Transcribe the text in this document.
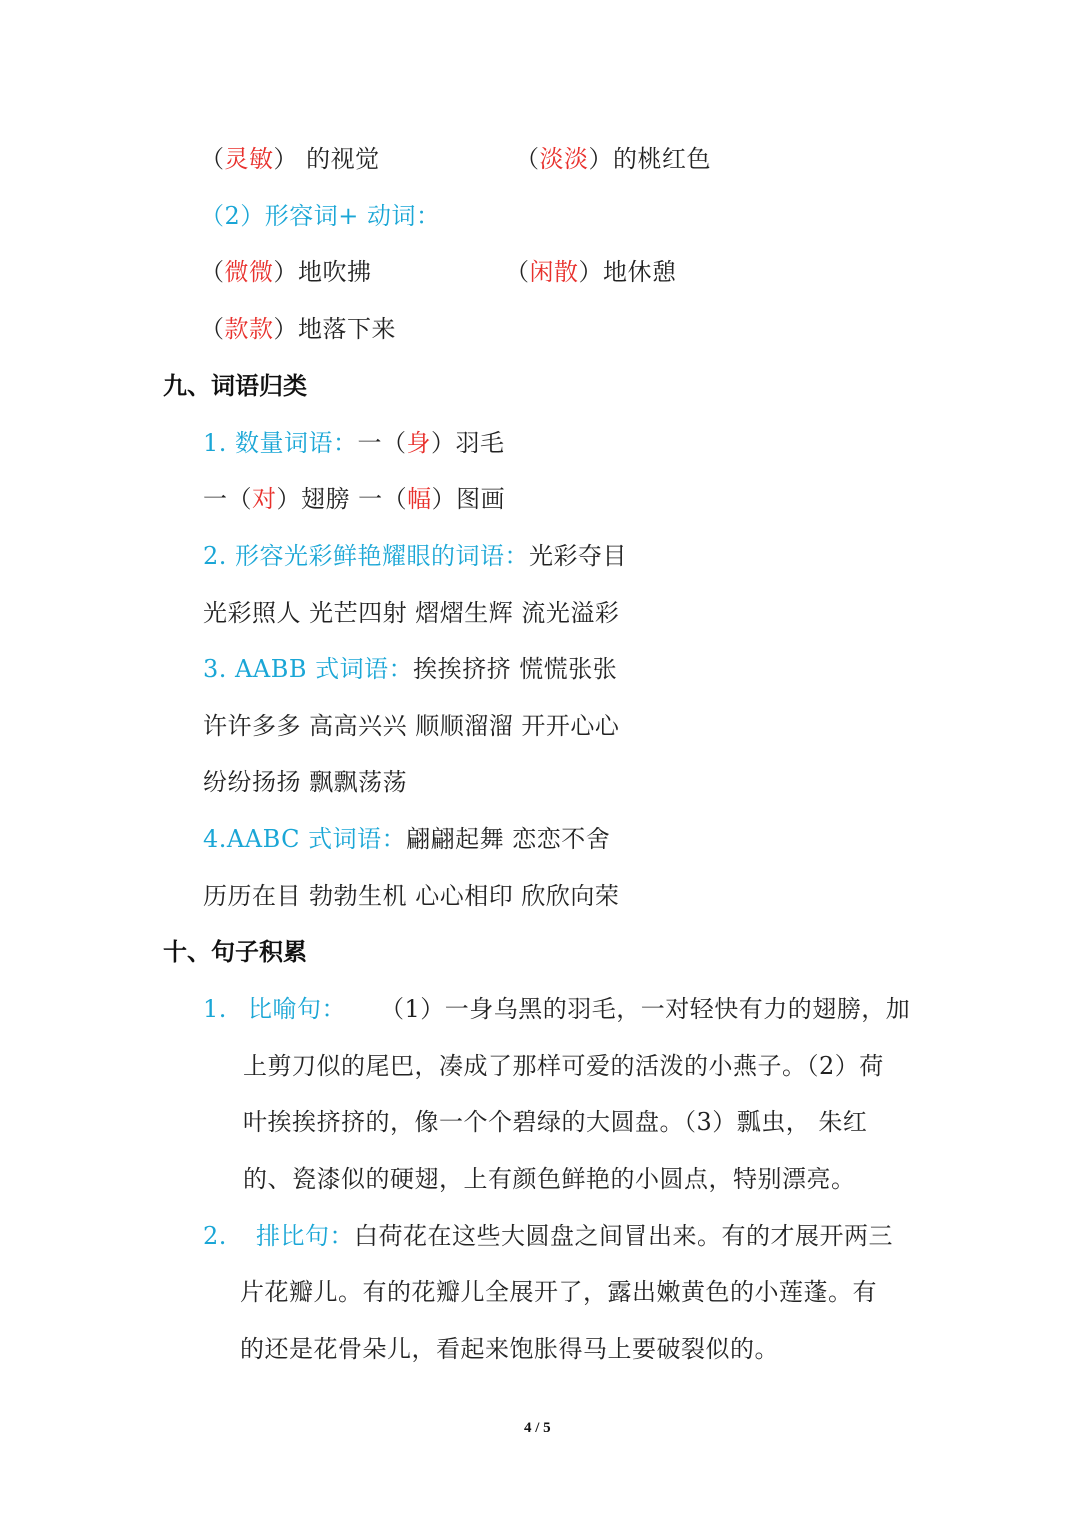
（灵敏） 的视觉	（淡淡）的桃红色
（2）形容词+ 动词：
（微微）地吹拂	（闲散）地休憩
（款款）地落下来
九、词语归类
1. 数量词语：一（身）羽毛
一（对）翅膀 一（幅）图画
2. 形容光彩鲜艳耀眼的词语：光彩夺目
光彩照人 光芒四射 熠熠生辉 流光溢彩
3. AABB 式词语：挨挨挤挤 慌慌张张
许许多多 高高兴兴 顺顺溜溜 开开心心
纷纷扬扬 飘飘荡荡
4.AABC 式词语：翩翩起舞 恋恋不舍
历历在目 勃勃生机 心心相印 欣欣向荣
十、句子积累
1. 比喻句： （1）一身乌黑的羽毛，一对轻快有力的翅膀，加
上剪刀似的尾巴，凑成了那样可爱的活泼的小燕子。（2）荷
叶挨挨挤挤的，像一个个碧绿的大圆盘。（3）瓢虫， 朱红
的、瓷漆似的硬翅，上有颜色鲜艳的小圆点，特别漂亮。
2. 排比句：白荷花在这些大圆盘之间冒出来。有的才展开两三
片花瓣儿。有的花瓣儿全展开了，露出嫩黄色的小莲蓬。有
的还是花骨朵儿，看起来饱胀得马上要破裂似的。
4 / 5
